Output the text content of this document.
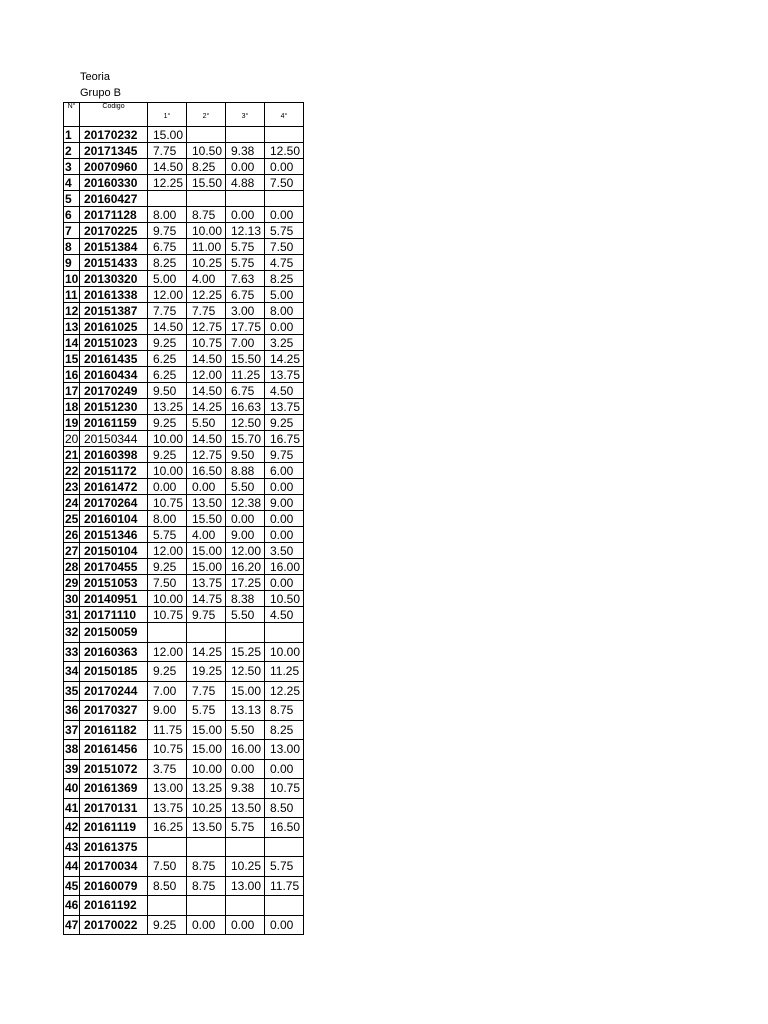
Teoria
Grupo B
N°	Codigo	1°	2°	3°	4°
1	20170232	15.00			
2	20171345	7.75	10.50	9.38	12.50
3	20070960	14.50	8.25	0.00	0.00
4	20160330	12.25	15.50	4.88	7.50
5	20160427				
6	20171128	8.00	8.75	0.00	0.00
7	20170225	9.75	10.00	12.13	5.75
8	20151384	6.75	11.00	5.75	7.50
9	20151433	8.25	10.25	5.75	4.75
10	20130320	5.00	4.00	7.63	8.25
11	20161338	12.00	12.25	6.75	5.00
12	20151387	7.75	7.75	3.00	8.00
13	20161025	14.50	12.75	17.75	0.00
14	20151023	9.25	10.75	7.00	3.25
15	20161435	6.25	14.50	15.50	14.25
16	20160434	6.25	12.00	11.25	13.75
17	20170249	9.50	14.50	6.75	4.50
18	20151230	13.25	14.25	16.63	13.75
19	20161159	9.25	5.50	12.50	9.25
20	20150344	10.00	14.50	15.70	16.75
21	20160398	9.25	12.75	9.50	9.75
22	20151172	10.00	16.50	8.88	6.00
23	20161472	0.00	0.00	5.50	0.00
24	20170264	10.75	13.50	12.38	9.00
25	20160104	8.00	15.50	0.00	0.00
26	20151346	5.75	4.00	9.00	0.00
27	20150104	12.00	15.00	12.00	3.50
28	20170455	9.25	15.00	16.20	16.00
29	20151053	7.50	13.75	17.25	0.00
30	20140951	10.00	14.75	8.38	10.50
31	20171110	10.75	9.75	5.50	4.50
32	20150059				
33	20160363	12.00	14.25	15.25	10.00
34	20150185	9.25	19.25	12.50	11.25
35	20170244	7.00	7.75	15.00	12.25
36	20170327	9.00	5.75	13.13	8.75
37	20161182	11.75	15.00	5.50	8.25
38	20161456	10.75	15.00	16.00	13.00
39	20151072	3.75	10.00	0.00	0.00
40	20161369	13.00	13.25	9.38	10.75
41	20170131	13.75	10.25	13.50	8.50
42	20161119	16.25	13.50	5.75	16.50
43	20161375				
44	20170034	7.50	8.75	10.25	5.75
45	20160079	8.50	8.75	13.00	11.75
46	20161192				
47	20170022	9.25	0.00	0.00	0.00
